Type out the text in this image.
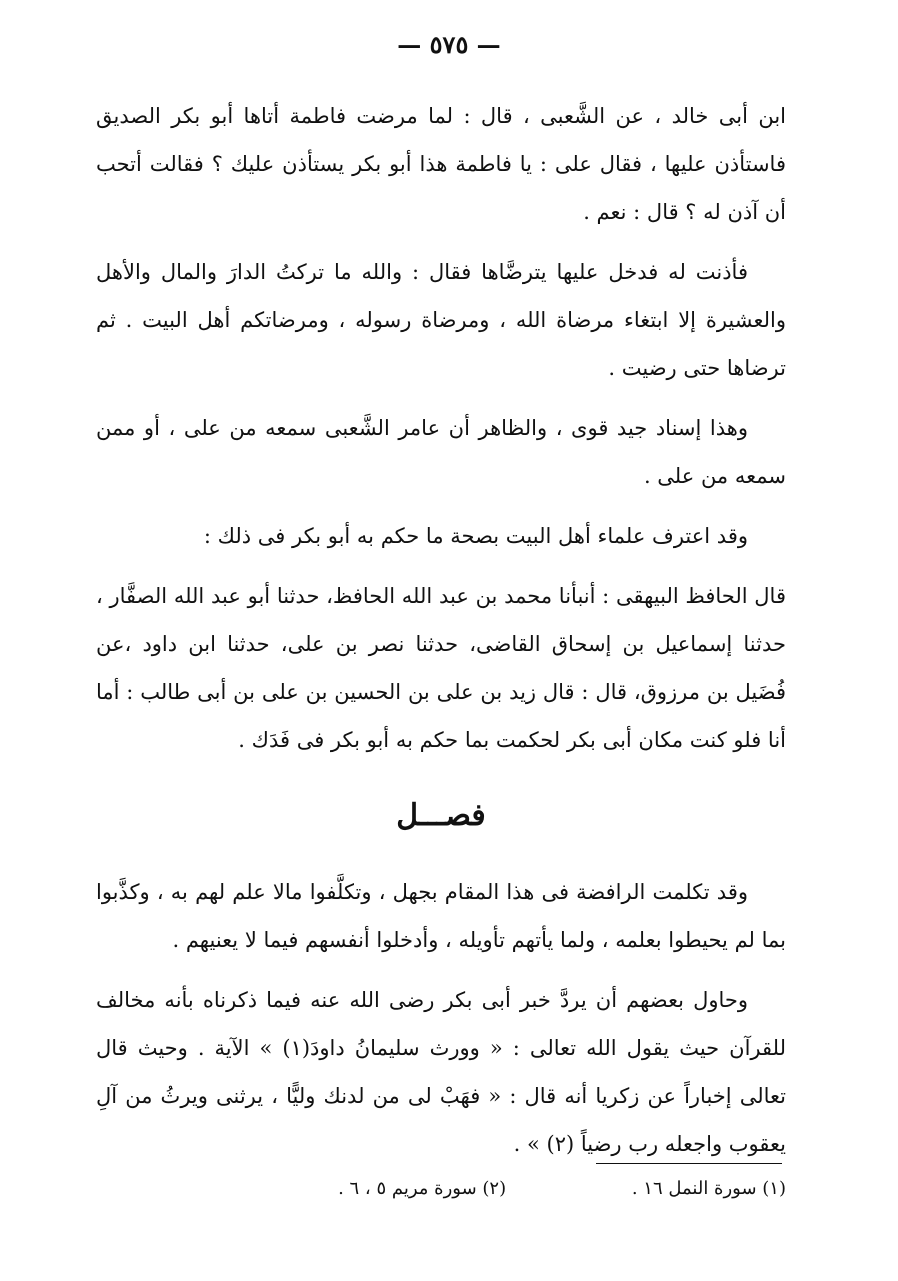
— ٥٧٥ —

ابن أبى خالد ، عن الشَّعبى ، قال : لما مرضت فاطمة أتاها أبو بكر الصديق فاستأذن عليها ، فقال على : يا فاطمة هذا أبو بكر يستأذن عليك ؟ فقالت أتحب أن آذن له ؟ قال : نعم .

فأذنت له فدخل عليها يترضَّاها فقال : والله ما تركتُ الدارَ والمال والأهل والعشيرة إلا ابتغاء مرضاة الله ، ومرضاة رسوله ، ومرضاتكم أهل البيت . ثم ترضاها حتى رضيت .

وهذا إسناد جيد قوى ، والظاهر أن عامر الشَّعبى سمعه من على ، أو ممن سمعه من على .

وقد اعترف علماء أهل البيت بصحة ما حكم به أبو بكر فى ذلك :

قال الحافظ البيهقى : أنبأنا محمد بن عبد الله الحافظ، حدثنا أبو عبد الله الصفَّار ، حدثنا إسماعيل بن إسحاق القاضى، حدثنا نصر بن على، حدثنا ابن داود ،عن فُضَيل بن مرزوق، قال : قال زيد بن على بن الحسين بن على بن أبى طالب : أما أنا فلو كنت مكان أبى بكر لحكمت بما حكم به أبو بكر فى فَدَك .

فصـــل

وقد تكلمت الرافضة فى هذا المقام بجهل ، وتكلَّفوا مالا علم لهم به ، وكذَّبوا بما لم يحيطوا بعلمه ، ولما يأتهم تأويله ، وأدخلوا أنفسهم فيما لا يعنيهم .

وحاول بعضهم أن يردَّ خبر أبى بكر رضى الله عنه فيما ذكرناه بأنه مخالف للقرآن حيث يقول الله تعالى : « وورث سليمانُ داودَ(١) » الآية . وحيث قال تعالى إخباراً عن زكريا أنه قال : « فهَبْ لى من لدنك وليًّا ، يرثنى ويرثُ من آلِ يعقوب واجعله رب رضياً (٢) » .

(١) سورة النمل ١٦ . (٢) سورة مريم ٥ ، ٦ .
